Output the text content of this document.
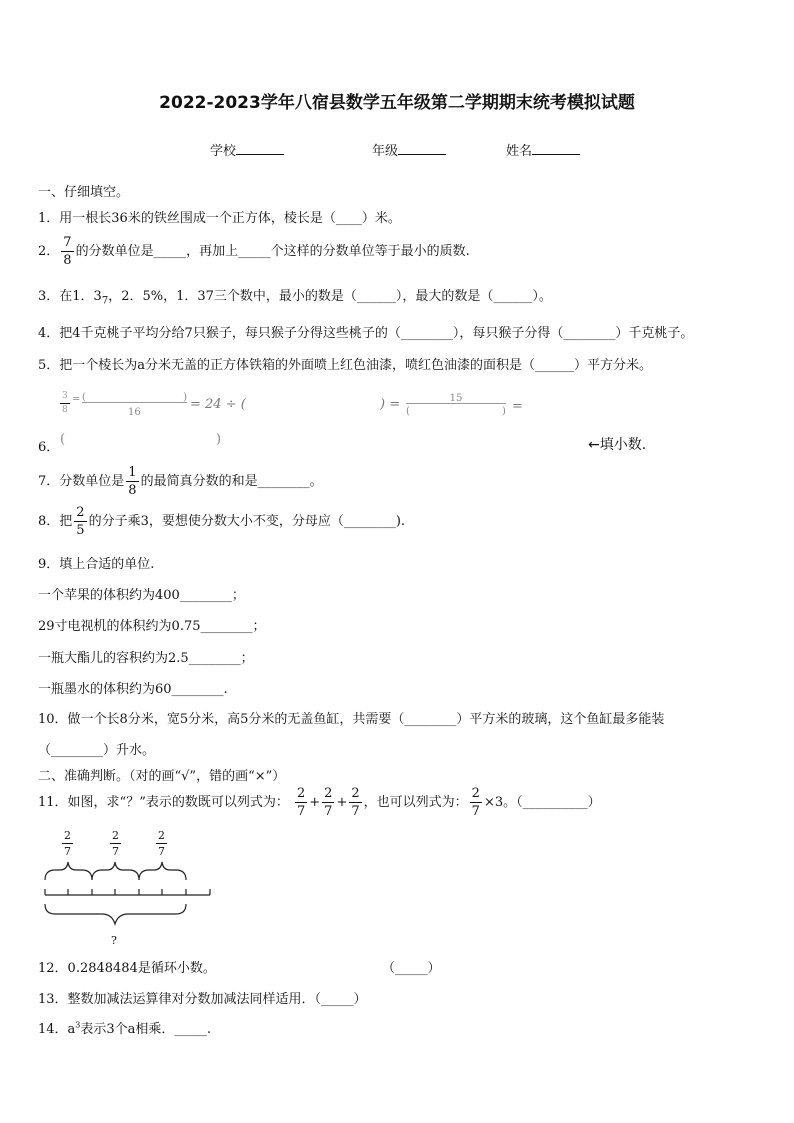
2022-2023学年八宿县数学五年级第二学期期末统考模拟试题
学校	年级	姓名
一、仔细填空。
1．用一根长36米的铁丝围成一个正方体，棱长是（____）米。
2． $\frac{7}{8}$ 的分数单位是_____，再加上_____个这样的分数单位等于最小的质数.
3．在1．$3_7$，2．5%，1．37三个数中，最小的数是（______），最大的数是（______）。
4．把4千克桃子平均分给7只猴子，每只猴子分得这些桃子的（________），每只猴子分得（________）千克桃子。
5．把一个棱长为a分米无盖的正方体铁箱的外面喷上红色油漆，喷红色油漆的面积是（______）平方分米。
$\frac{3}{8}$ = (	)
16
= 24 ÷ (	) =	15
(	) =
6．
(	)	←填小数.
7．分数单位是 $\frac{1}{8}$ 的最简真分数的和是________。
8．把 $\frac{2}{5}$ 的分子乘3，要想使分数大小不变，分母应（________).
9．填上合适的单位.
一个苹果的体积约为400________；
29寸电视机的体积约为0.75________；
一瓶大酯儿的容积约为2.5________；
一瓶墨水的体积约为60________.
10．做一个长8分米，宽5分米，高5分米的无盖鱼缸，共需要（________）平方米的玻璃，这个鱼缸最多能装
（________）升水。
二、准确判断。（对的画“√”，错的画“×”）
11．如图，求“？”表示的数既可以列式为： $\frac{2}{7} + \frac{2}{7} + \frac{2}{7}$ ，也可以列式为： $\frac{2}{7} \times 3$。（__________）
$\frac{2}{7}$	$\frac{2}{7}$	$\frac{2}{7}$
?
12．0.2848484是循环小数。	（_____）
13．整数加减法运算律对分数加减法同样适用．（_____）
14．$a^3$表示3个a相乘．_____.
